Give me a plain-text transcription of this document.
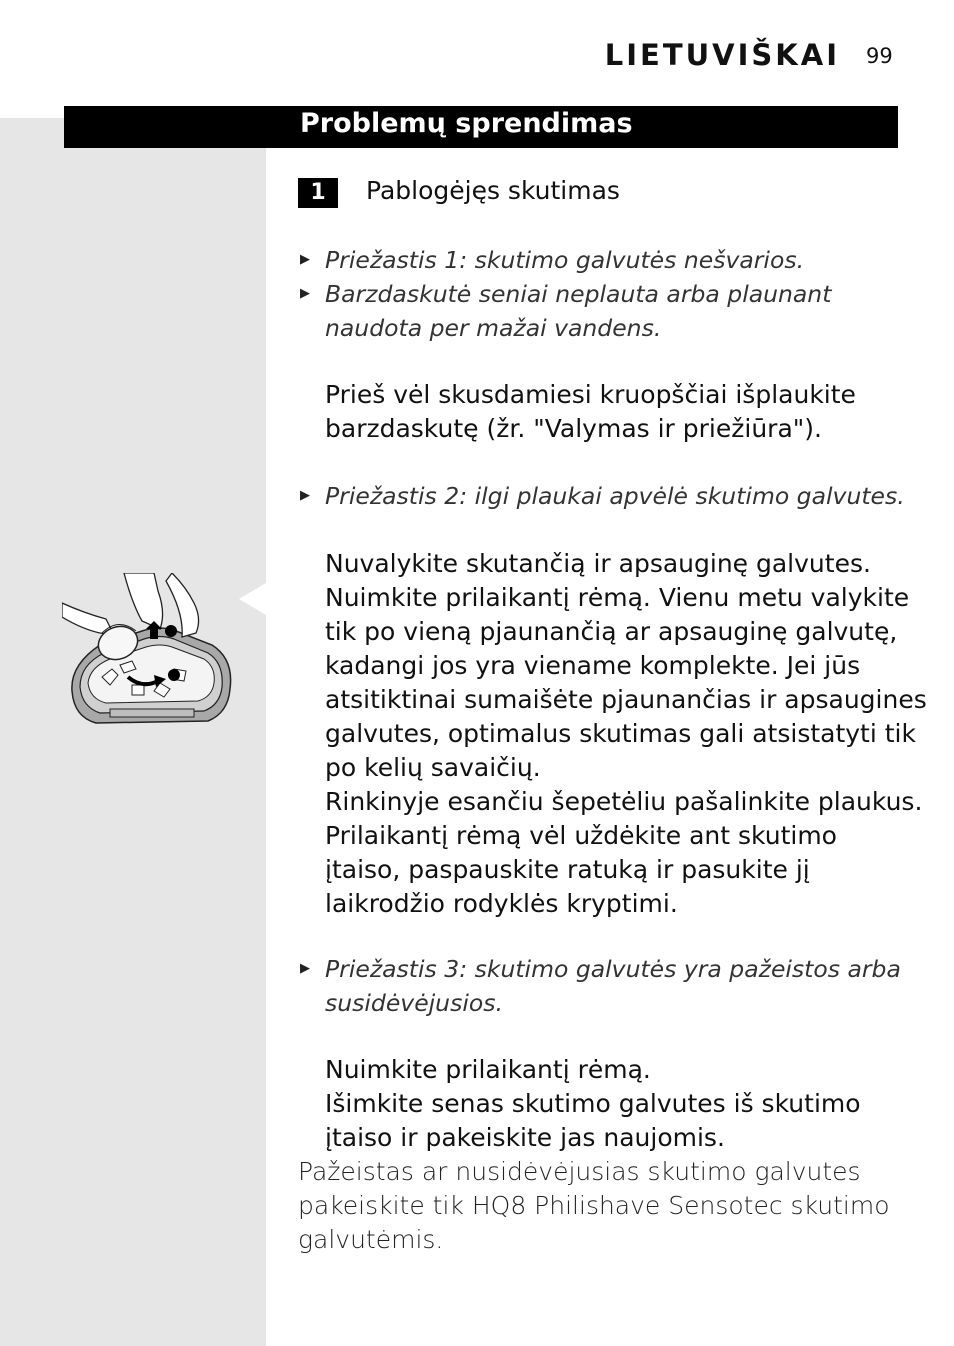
LIETUVIŠKAI 99
Problemų sprendimas
1	Pablogėjęs skutimas
▶ Priežastis 1: skutimo galvutės nešvarios.
▶ Barzdaskutė seniai neplauta arba plaunant
naudota per mažai vandens.
Prieš vėl skusdamiesi kruopščiai išplaukite
barzdaskutę (žr. "Valymas ir priežiūra").
▶ Priežastis 2: ilgi plaukai apvėlė skutimo galvutes.
Nuvalykite skutančią ir apsauginę galvutes.
Nuimkite prilaikantį rėmą. Vienu metu valykite
tik po vieną pjaunančią ar apsauginę galvutę,
kadangi jos yra viename komplekte. Jei jūs
atsitiktinai sumaišėte pjaunančias ir apsaugines
galvutes, optimalus skutimas gali atsistatyti tik
po kelių savaičių.
Rinkinyje esančiu šepetėliu pašalinkite plaukus.
Prilaikantį rėmą vėl uždėkite ant skutimo
įtaiso, paspauskite ratuką ir pasukite jį
laikrodžio rodyklės kryptimi.
▶ Priežastis 3: skutimo galvutės yra pažeistos arba
susidėvėjusios.
Nuimkite prilaikantį rėmą.
Išimkite senas skutimo galvutes iš skutimo
įtaiso ir pakeiskite jas naujomis.
Pažeistas ar nusidėvėjusias skutimo galvutes
pakeiskite tik HQ8 Philishave Sensotec skutimo
galvutėmis.
